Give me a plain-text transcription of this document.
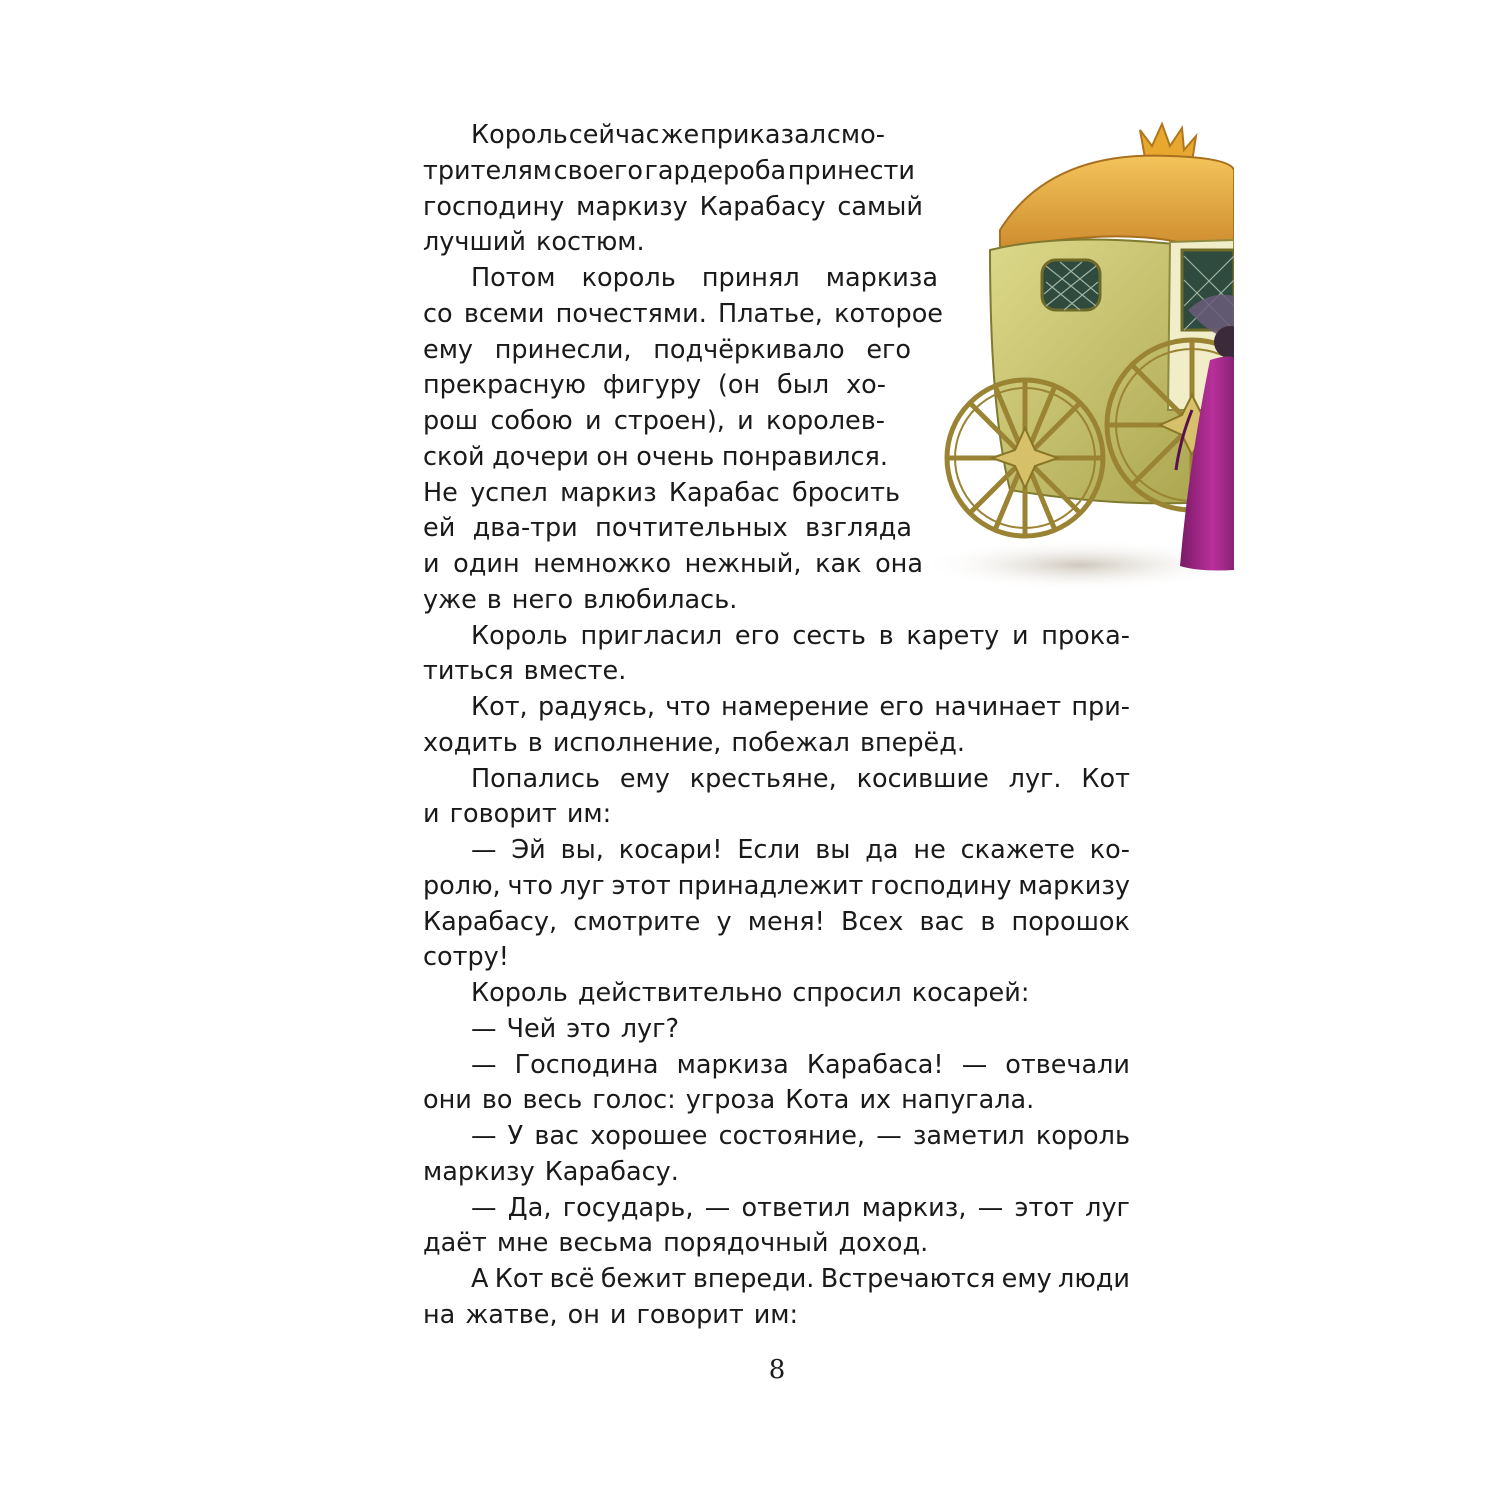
Король сейчас же приказал смо-
трителям своего гардероба принести
господину маркизу Карабасу самый
лучший костюм.
Потом король принял маркиза
со всеми почестями. Платье, которое
ему принесли, подчёркивало его
прекрасную фигуру (он был хо-
рош собою и строен), и королев-
ской дочери он очень понравился.
Не успел маркиз Карабас бросить
ей два-три почтительных взгляда
и один немножко нежный, как она
уже в него влюбилась.
Король пригласил его сесть в карету и прока-
титься вместе.
Кот, радуясь, что намерение его начинает при-
ходить в исполнение, побежал вперёд.
Попались ему крестьяне, косившие луг. Кот
и говорит им:
— Эй вы, косари! Если вы да не скажете ко-
ролю, что луг этот принадлежит господину маркизу
Карабасу, смотрите у меня! Всех вас в порошок
сотру!
Король действительно спросил косарей:
— Чей это луг?
— Господина маркиза Карабаса! — отвечали
они во весь голос: угроза Кота их напугала.
— У вас хорошее состояние, — заметил король
маркизу Карабасу.
— Да, государь, — ответил маркиз, — этот луг
даёт мне весьма порядочный доход.
А Кот всё бежит впереди. Встречаются ему люди
на жатве, он и говорит им:
8
